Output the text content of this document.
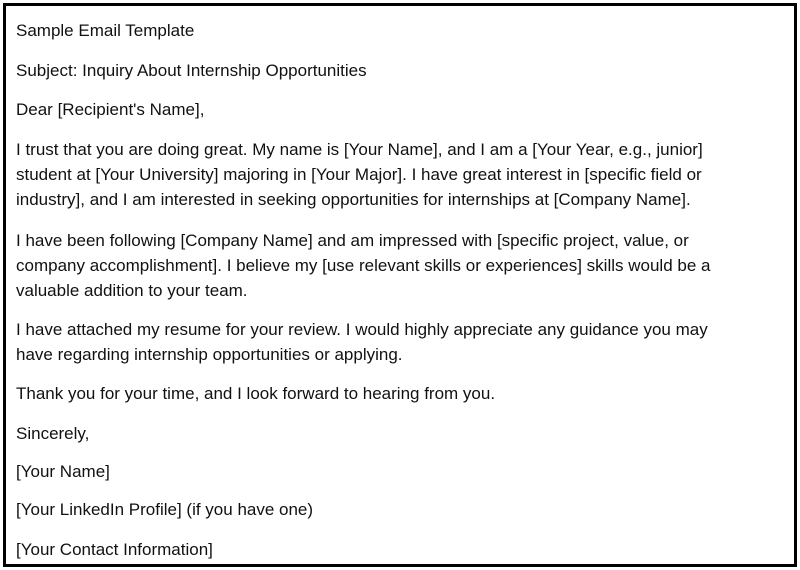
Sample Email Template

Subject: Inquiry About Internship Opportunities

Dear [Recipient's Name],

I trust that you are doing great. My name is [Your Name], and I am a [Your Year, e.g., junior]
student at [Your University] majoring in [Your Major]. I have great interest in [specific field or
industry], and I am interested in seeking opportunities for internships at [Company Name].

I have been following [Company Name] and am impressed with [specific project, value, or
company accomplishment]. I believe my [use relevant skills or experiences] skills would be a
valuable addition to your team.

I have attached my resume for your review. I would highly appreciate any guidance you may
have regarding internship opportunities or applying.

Thank you for your time, and I look forward to hearing from you.

Sincerely,

[Your Name]

[Your LinkedIn Profile] (if you have one)

[Your Contact Information]
